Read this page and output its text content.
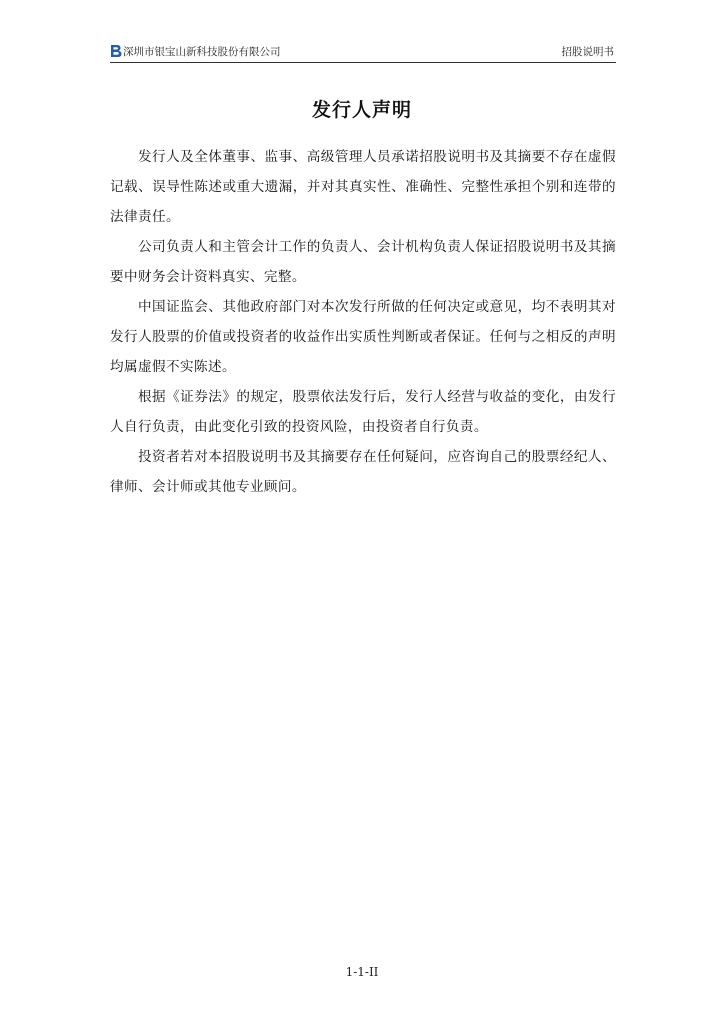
深圳市银宝山新科技股份有限公司	招股说明书
发行人声明

发行人及全体董事、监事、高级管理人员承诺招股说明书及其摘要不存在虚假记载、误导性陈述或重大遗漏，并对其真实性、准确性、完整性承担个别和连带的法律责任。

公司负责人和主管会计工作的负责人、会计机构负责人保证招股说明书及其摘要中财务会计资料真实、完整。

中国证监会、其他政府部门对本次发行所做的任何决定或意见，均不表明其对发行人股票的价值或投资者的收益作出实质性判断或者保证。任何与之相反的声明均属虚假不实陈述。

根据《证券法》的规定，股票依法发行后，发行人经营与收益的变化，由发行人自行负责，由此变化引致的投资风险，由投资者自行负责。

投资者若对本招股说明书及其摘要存在任何疑问，应咨询自己的股票经纪人、律师、会计师或其他专业顾问。

1-1-II
